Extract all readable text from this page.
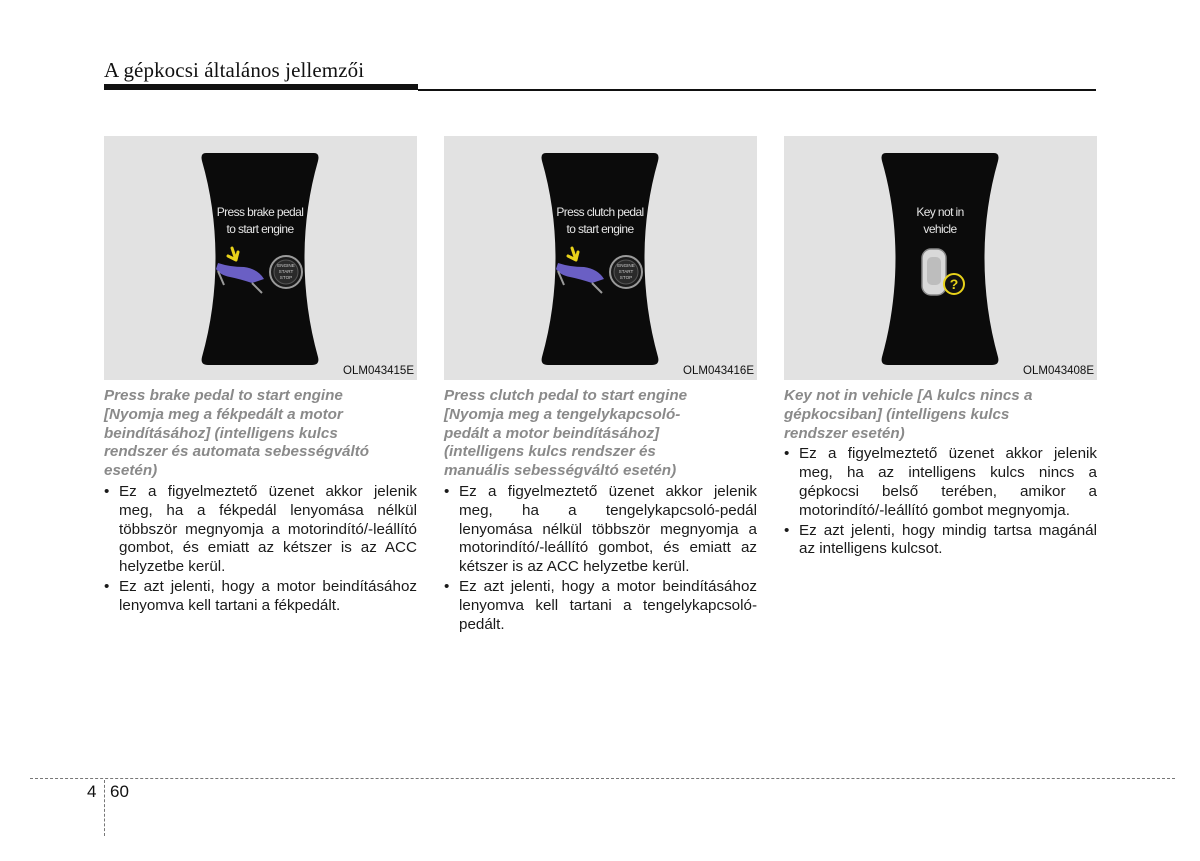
A gépkocsi általános jellemzői
Press brake pedal
to start engine
ENGINE
START
STOP
OLM043415E
Press clutch pedal
to start engine
ENGINE
START
STOP
OLM043416E
Key not in
vehicle
?
OLM043408E
Press brake pedal to start engine
[Nyomja meg a fékpedált a motor
beindításához] (intelligens kulcs
rendszer és automata sebességváltó
esetén)
• Ez a figyelmeztető üzenet akkor jelenik meg, ha a fékpedál lenyomása nélkül többször megnyomja a motorindító/-leállító gombot, és emiatt az kétszer is az ACC helyzetbe kerül.
• Ez azt jelenti, hogy a motor beindításához lenyomva kell tartani a fékpedált.
Press clutch pedal to start engine
[Nyomja meg a tengelykapcsoló-
pedált a motor beindításához]
(intelligens kulcs rendszer és
manuális sebességváltó esetén)
• Ez a figyelmeztető üzenet akkor jelenik meg, ha a tengelykapcsoló-pedál lenyomása nélkül többször megnyomja a motorindító/-leállító gombot, és emiatt az kétszer is az ACC helyzetbe kerül.
• Ez azt jelenti, hogy a motor beindításához lenyomva kell tartani a tengelykapcsoló-pedált.
Key not in vehicle [A kulcs nincs a
gépkocsiban] (intelligens kulcs
rendszer esetén)
• Ez a figyelmeztető üzenet akkor jelenik meg, ha az intelligens kulcs nincs a gépkocsi belső terében, amikor a motorindító/-leállító gombot megnyomja.
• Ez azt jelenti, hogy mindig tartsa magánál az intelligens kulcsot.
4 60
